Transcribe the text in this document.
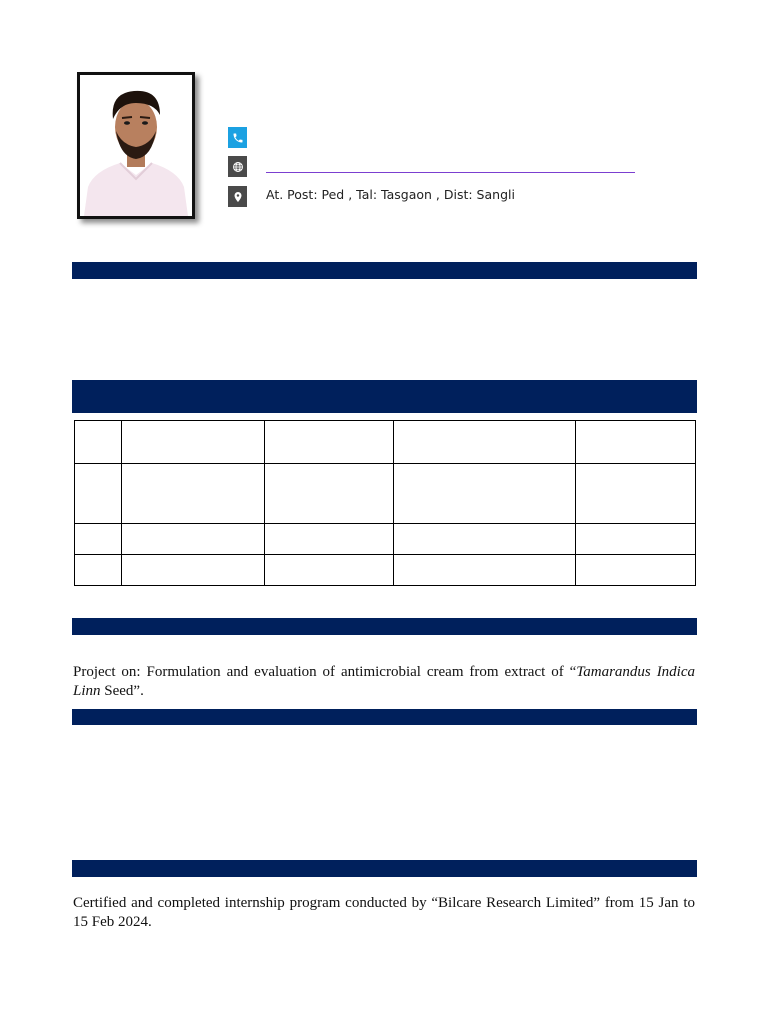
At. Post: Ped , Tal: Tasgaon , Dist: Sangli

Project on: Formulation and evaluation of antimicrobial cream from extract of “Tamarandus Indica Linn Seed”.
Certified and completed internship program conducted by “Bilcare Research Limited” from 15 Jan to 15 Feb 2024.
